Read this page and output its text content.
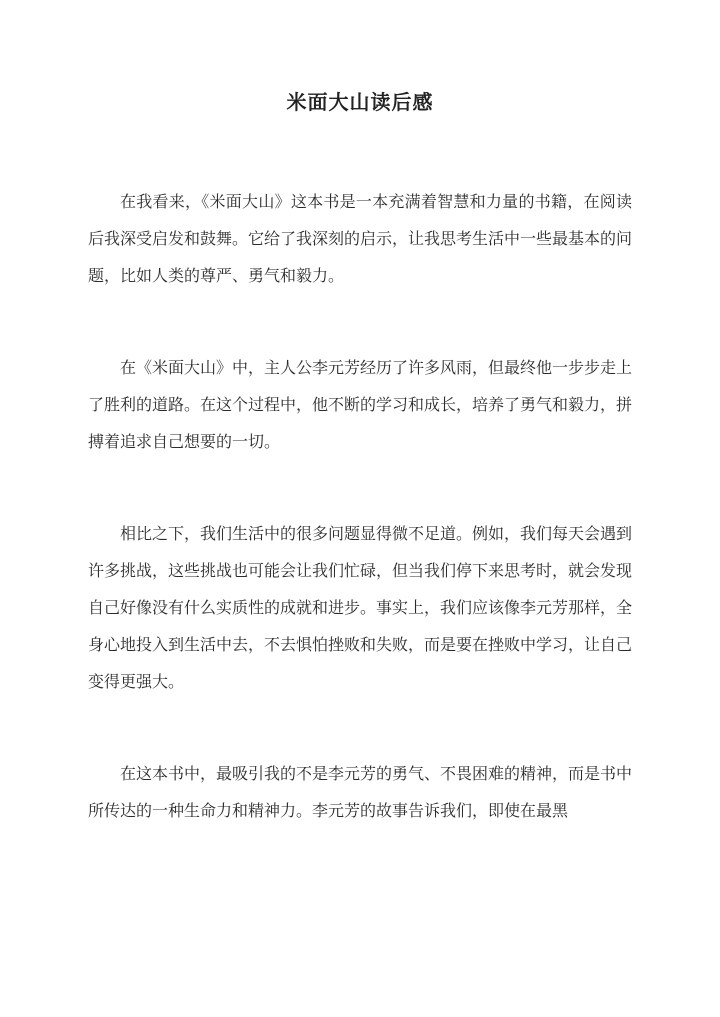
米面大山读后感

在我看来，《米面大山》这本书是一本充满着智慧和力量的书籍，在阅读后我深受启发和鼓舞。它给了我深刻的启示，让我思考生活中一些最基本的问题，比如人类的尊严、勇气和毅力。

在《米面大山》中，主人公李元芳经历了许多风雨，但最终他一步步走上了胜利的道路。在这个过程中，他不断的学习和成长，培养了勇气和毅力，拼搏着追求自己想要的一切。

相比之下，我们生活中的很多问题显得微不足道。例如，我们每天会遇到许多挑战，这些挑战也可能会让我们忙碌，但当我们停下来思考时，就会发现自己好像没有什么实质性的成就和进步。事实上，我们应该像李元芳那样，全身心地投入到生活中去，不去惧怕挫败和失败，而是要在挫败中学习，让自己变得更强大。

在这本书中，最吸引我的不是李元芳的勇气、不畏困难的精神，而是书中所传达的一种生命力和精神力。李元芳的故事告诉我们，即使在最黑
